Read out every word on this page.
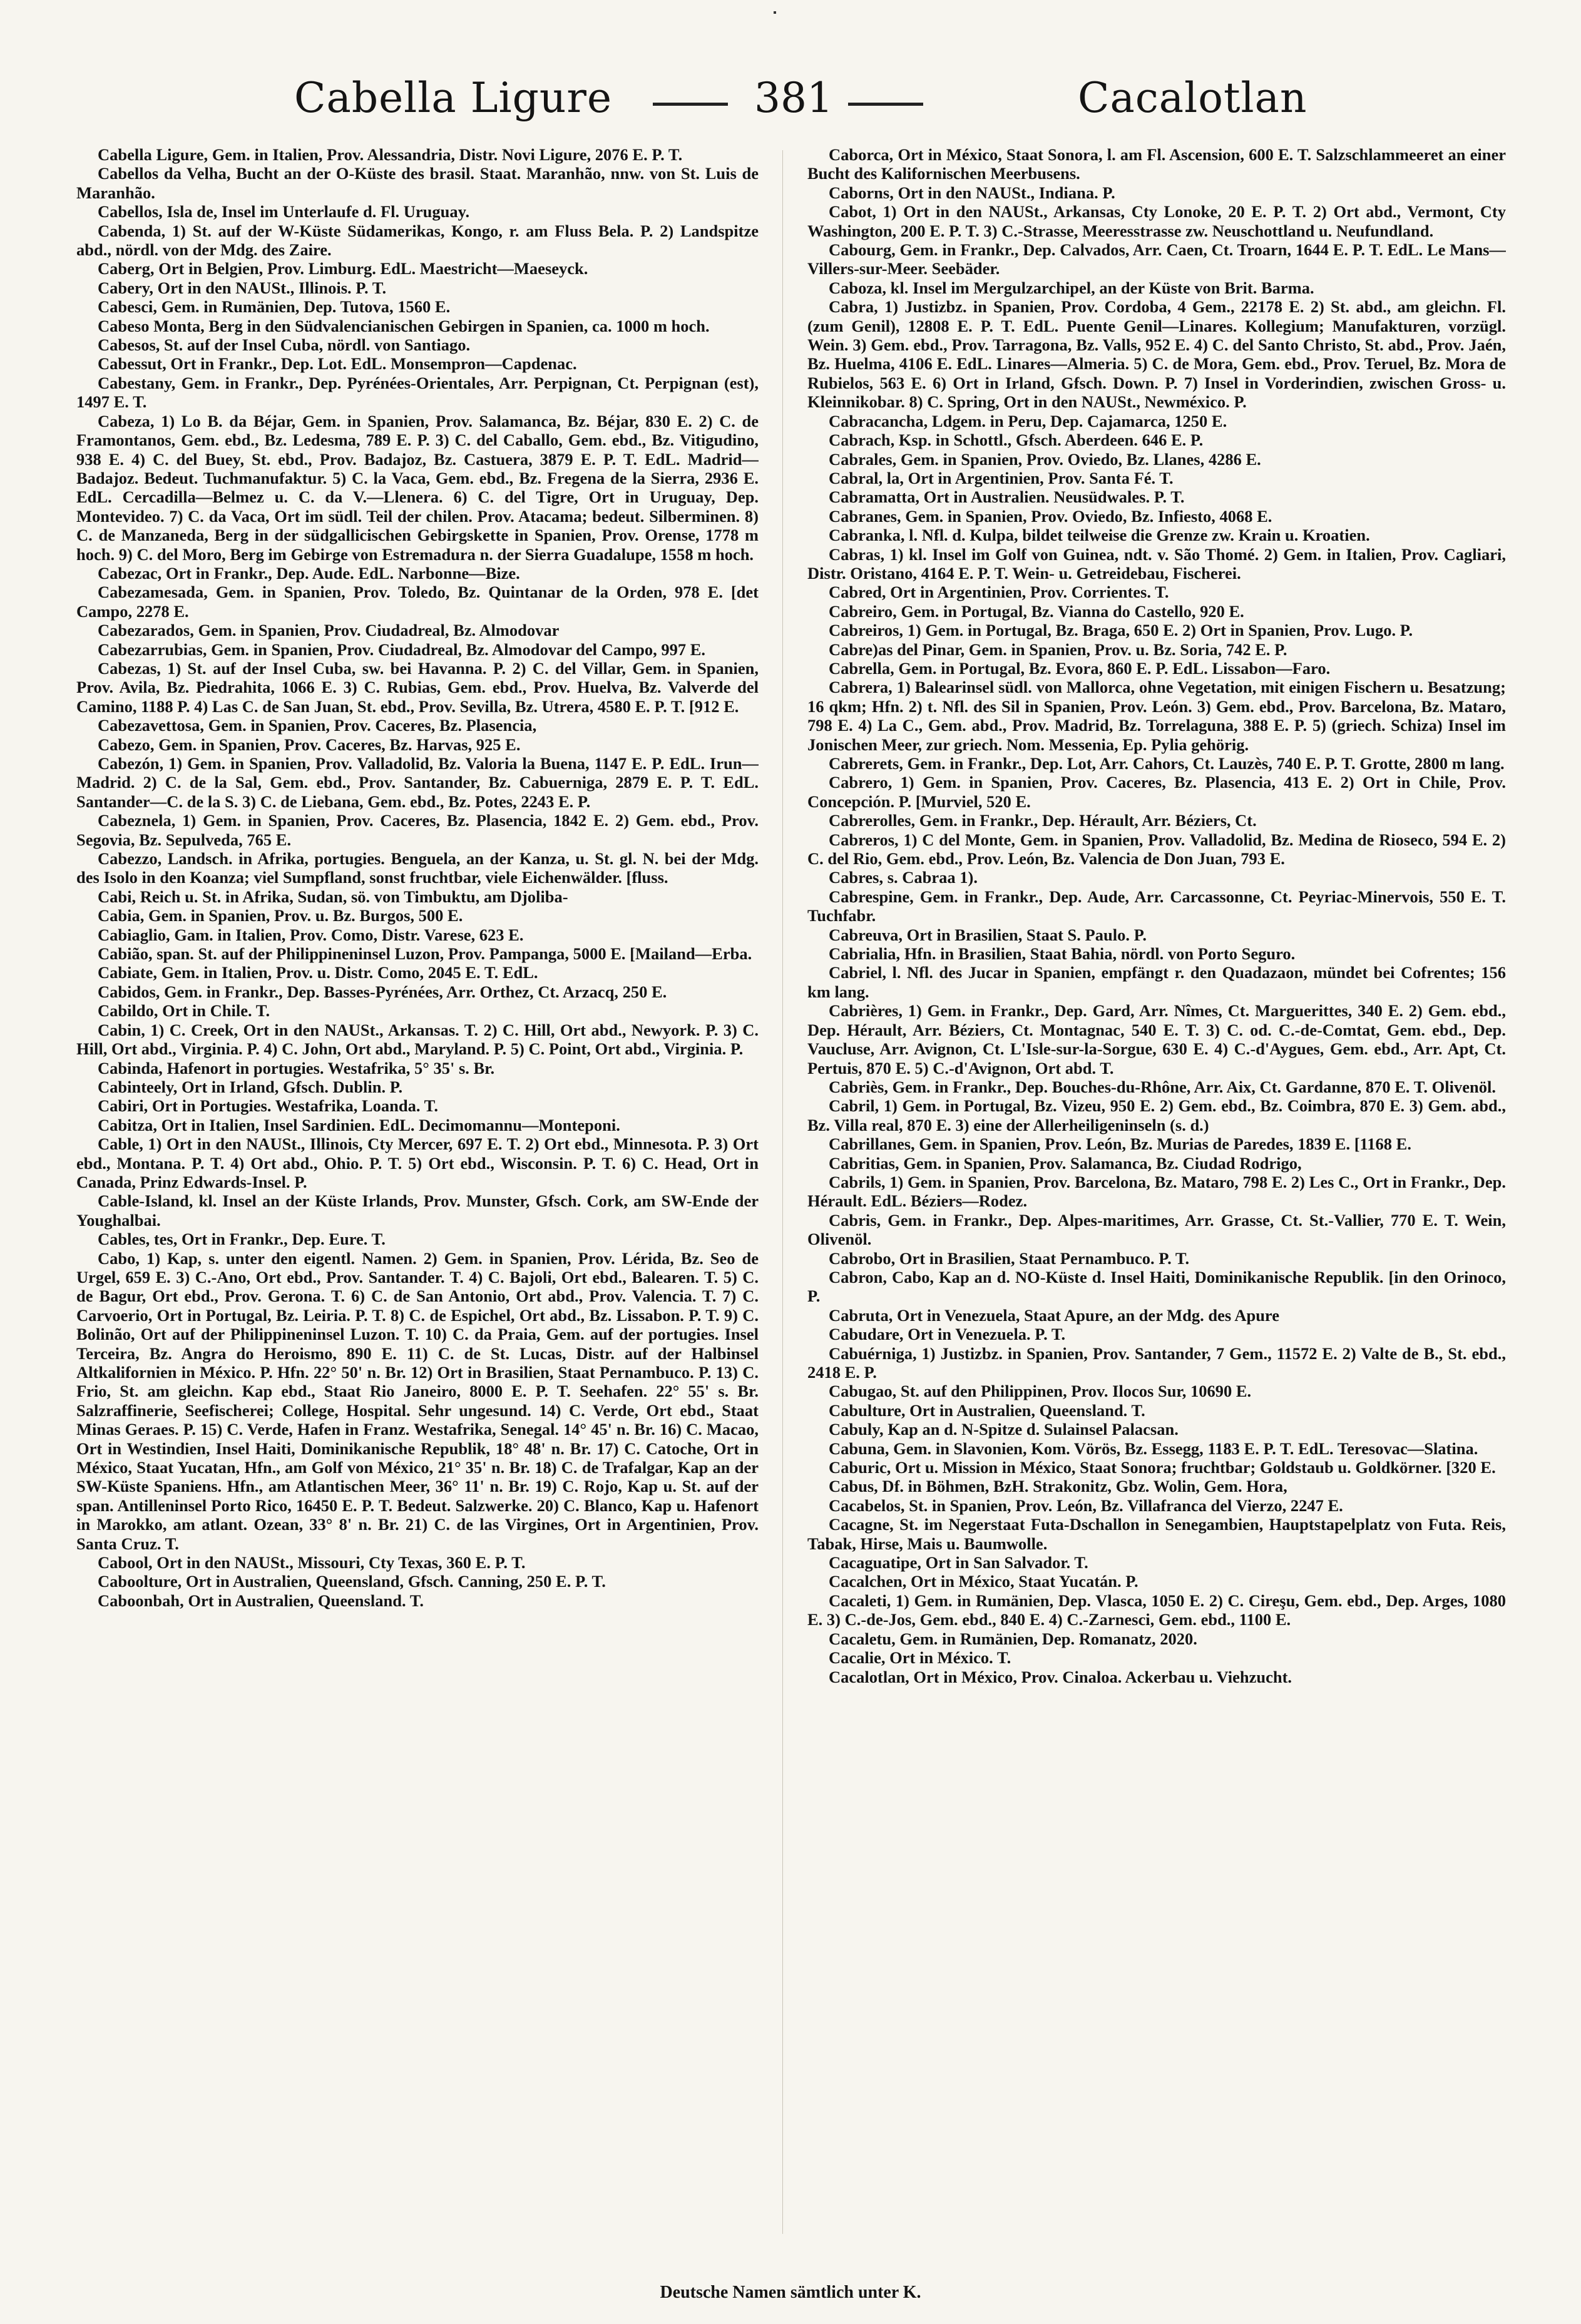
Cabella Ligure	381	Cacalotlan

Cabella Ligure, Gem. in Italien, Prov. Alessandria, Distr. Novi Ligure, 2076 E. P. T.

Cabellos da Velha, Bucht an der O-Küste des brasil. Staat. Maranhão, nnw. von St. Luis de Maranhão.

Cabellos, Isla de, Insel im Unterlaufe d. Fl. Uruguay.

Cabenda, 1) St. auf der W-Küste Südamerikas, Kongo, r. am Fluss Bela. P. 2) Landspitze abd., nördl. von der Mdg. des Zaire.

Caberg, Ort in Belgien, Prov. Limburg. EdL. Maestricht—Maeseyck.

Cabery, Ort in den NAUSt., Illinois. P. T.

Cabesci, Gem. in Rumänien, Dep. Tutova, 1560 E.

Cabeso Monta, Berg in den Südvalencianischen Gebirgen in Spanien, ca. 1000 m hoch.

Cabesos, St. auf der Insel Cuba, nördl. von Santiago.

Cabessut, Ort in Frankr., Dep. Lot. EdL. Monsempron—Capdenac.

Cabestany, Gem. in Frankr., Dep. Pyrénées-Orientales, Arr. Perpignan, Ct. Perpignan (est), 1497 E. T.

Cabeza, 1) Lo B. da Béjar, Gem. in Spanien, Prov. Salamanca, Bz. Béjar, 830 E. 2) C. de Framontanos, Gem. ebd., Bz. Ledesma, 789 E. P. 3) C. del Caballo, Gem. ebd., Bz. Vitigudino, 938 E. 4) C. del Buey, St. ebd., Prov. Badajoz, Bz. Castuera, 3879 E. P. T. EdL. Madrid—Badajoz. Bedeut. Tuchmanufaktur. 5) C. la Vaca, Gem. ebd., Bz. Fregena de la Sierra, 2936 E. EdL. Cercadilla—Belmez u. C. da V.—Llenera. 6) C. del Tigre, Ort in Uruguay, Dep. Montevideo. 7) C. da Vaca, Ort im südl. Teil der chilen. Prov. Atacama; bedeut. Silberminen. 8) C. de Manzaneda, Berg in der südgallicischen Gebirgskette in Spanien, Prov. Orense, 1778 m hoch. 9) C. del Moro, Berg im Gebirge von Estremadura n. der Sierra Guadalupe, 1558 m hoch.

Cabezac, Ort in Frankr., Dep. Aude. EdL. Narbonne—Bize.

Cabezamesada, Gem. in Spanien, Prov. Toledo, Bz. Quintanar de la Orden, 978 E. [det Campo, 2278 E.

Cabezarados, Gem. in Spanien, Prov. Ciudadreal, Bz. Almodovar

Cabezarrubias, Gem. in Spanien, Prov. Ciudadreal, Bz. Almodovar del Campo, 997 E.

Cabezas, 1) St. auf der Insel Cuba, sw. bei Havanna. P. 2) C. del Villar, Gem. in Spanien, Prov. Avila, Bz. Piedrahita, 1066 E. 3) C. Rubias, Gem. ebd., Prov. Huelva, Bz. Valverde del Camino, 1188 P. 4) Las C. de San Juan, St. ebd., Prov. Sevilla, Bz. Utrera, 4580 E. P. T. [912 E.

Cabezavettosa, Gem. in Spanien, Prov. Caceres, Bz. Plasencia,

Cabezo, Gem. in Spanien, Prov. Caceres, Bz. Harvas, 925 E.

Cabezón, 1) Gem. in Spanien, Prov. Valladolid, Bz. Valoria la Buena, 1147 E. P. EdL. Irun—Madrid. 2) C. de la Sal, Gem. ebd., Prov. Santander, Bz. Cabuerniga, 2879 E. P. T. EdL. Santander—C. de la S. 3) C. de Liebana, Gem. ebd., Bz. Potes, 2243 E. P.

Cabeznela, 1) Gem. in Spanien, Prov. Caceres, Bz. Plasencia, 1842 E. 2) Gem. ebd., Prov. Segovia, Bz. Sepulveda, 765 E.

Cabezzo, Landsch. in Afrika, portugies. Benguela, an der Kanza, u. St. gl. N. bei der Mdg. des Isolo in den Koanza; viel Sumpfland, sonst fruchtbar, viele Eichenwälder. [fluss.

Cabi, Reich u. St. in Afrika, Sudan, sö. von Timbuktu, am Djoliba-

Cabia, Gem. in Spanien, Prov. u. Bz. Burgos, 500 E.

Cabiaglio, Gam. in Italien, Prov. Como, Distr. Varese, 623 E.

Cabião, span. St. auf der Philippineninsel Luzon, Prov. Pampanga, 5000 E. [Mailand—Erba.

Cabiate, Gem. in Italien, Prov. u. Distr. Como, 2045 E. T. EdL.

Cabidos, Gem. in Frankr., Dep. Basses-Pyrénées, Arr. Orthez, Ct. Arzacq, 250 E.

Cabildo, Ort in Chile. T.

Cabin, 1) C. Creek, Ort in den NAUSt., Arkansas. T. 2) C. Hill, Ort abd., Newyork. P. 3) C. Hill, Ort abd., Virginia. P. 4) C. John, Ort abd., Maryland. P. 5) C. Point, Ort abd., Virginia. P.

Cabinda, Hafenort in portugies. Westafrika, 5° 35' s. Br.

Cabinteely, Ort in Irland, Gfsch. Dublin. P.

Cabiri, Ort in Portugies. Westafrika, Loanda. T.

Cabitza, Ort in Italien, Insel Sardinien. EdL. Decimomannu—Monteponi.

Cable, 1) Ort in den NAUSt., Illinois, Cty Mercer, 697 E. T. 2) Ort ebd., Minnesota. P. 3) Ort ebd., Montana. P. T. 4) Ort abd., Ohio. P. T. 5) Ort ebd., Wisconsin. P. T. 6) C. Head, Ort in Canada, Prinz Edwards-Insel. P.

Cable-Island, kl. Insel an der Küste Irlands, Prov. Munster, Gfsch. Cork, am SW-Ende der Youghalbai.

Cables, tes, Ort in Frankr., Dep. Eure. T.

Cabo, 1) Kap, s. unter den eigentl. Namen. 2) Gem. in Spanien, Prov. Lérida, Bz. Seo de Urgel, 659 E. 3) C.-Ano, Ort ebd., Prov. Santander. T. 4) C. Bajoli, Ort ebd., Balearen. T. 5) C. de Bagur, Ort ebd., Prov. Gerona. T. 6) C. de San Antonio, Ort abd., Prov. Valencia. T. 7) C. Carvoerio, Ort in Portugal, Bz. Leiria. P. T. 8) C. de Espichel, Ort abd., Bz. Lissabon. P. T. 9) C. Bolinão, Ort auf der Philippineninsel Luzon. T. 10) C. da Praia, Gem. auf der portugies. Insel Terceira, Bz. Angra do Heroismo, 890 E. 11) C. de St. Lucas, Distr. auf der Halbinsel Altkalifornien in México. P. Hfn. 22° 50' n. Br. 12) Ort in Brasilien, Staat Pernambuco. P. 13) C. Frio, St. am gleichn. Kap ebd., Staat Rio Janeiro, 8000 E. P. T. Seehafen. 22° 55' s. Br. Salzraffinerie, Seefischerei; College, Hospital. Sehr ungesund. 14) C. Verde, Ort ebd., Staat Minas Geraes. P. 15) C. Verde, Hafen in Franz. Westafrika, Senegal. 14° 45' n. Br. 16) C. Macao, Ort in Westindien, Insel Haiti, Dominikanische Republik, 18° 48' n. Br. 17) C. Catoche, Ort in México, Staat Yucatan, Hfn., am Golf von México, 21° 35' n. Br. 18) C. de Trafalgar, Kap an der SW-Küste Spaniens. Hfn., am Atlantischen Meer, 36° 11' n. Br. 19) C. Rojo, Kap u. St. auf der span. Antilleninsel Porto Rico, 16450 E. P. T. Bedeut. Salzwerke. 20) C. Blanco, Kap u. Hafenort in Marokko, am atlant. Ozean, 33° 8' n. Br. 21) C. de las Virgines, Ort in Argentinien, Prov. Santa Cruz. T.

Cabool, Ort in den NAUSt., Missouri, Cty Texas, 360 E. P. T.

Caboolture, Ort in Australien, Queensland, Gfsch. Canning, 250 E. P. T.

Caboonbah, Ort in Australien, Queensland. T.

Caborca, Ort in México, Staat Sonora, l. am Fl. Ascension, 600 E. T. Salzschlammeeret an einer Bucht des Kalifornischen Meerbusens.

Caborns, Ort in den NAUSt., Indiana. P.

Cabot, 1) Ort in den NAUSt., Arkansas, Cty Lonoke, 20 E. P. T. 2) Ort abd., Vermont, Cty Washington, 200 E. P. T. 3) C.-Strasse, Meeresstrasse zw. Neuschottland u. Neufundland.

Cabourg, Gem. in Frankr., Dep. Calvados, Arr. Caen, Ct. Troarn, 1644 E. P. T. EdL. Le Mans—Villers-sur-Meer. Seebäder.

Caboza, kl. Insel im Mergulzarchipel, an der Küste von Brit. Barma.

Cabra, 1) Justizbz. in Spanien, Prov. Cordoba, 4 Gem., 22178 E. 2) St. abd., am gleichn. Fl. (zum Genil), 12808 E. P. T. EdL. Puente Genil—Linares. Kollegium; Manufakturen, vorzügl. Wein. 3) Gem. ebd., Prov. Tarragona, Bz. Valls, 952 E. 4) C. del Santo Christo, St. abd., Prov. Jaén, Bz. Huelma, 4106 E. EdL. Linares—Almeria. 5) C. de Mora, Gem. ebd., Prov. Teruel, Bz. Mora de Rubielos, 563 E. 6) Ort in Irland, Gfsch. Down. P. 7) Insel in Vorderindien, zwischen Gross- u. Kleinnikobar. 8) C. Spring, Ort in den NAUSt., Newméxico. P.

Cabracancha, Ldgem. in Peru, Dep. Cajamarca, 1250 E.

Cabrach, Ksp. in Schottl., Gfsch. Aberdeen. 646 E. P.

Cabrales, Gem. in Spanien, Prov. Oviedo, Bz. Llanes, 4286 E.

Cabral, la, Ort in Argentinien, Prov. Santa Fé. T.

Cabramatta, Ort in Australien. Neusüdwales. P. T.

Cabranes, Gem. in Spanien, Prov. Oviedo, Bz. Infiesto, 4068 E.

Cabranka, l. Nfl. d. Kulpa, bildet teilweise die Grenze zw. Krain u. Kroatien.

Cabras, 1) kl. Insel im Golf von Guinea, ndt. v. São Thomé. 2) Gem. in Italien, Prov. Cagliari, Distr. Oristano, 4164 E. P. T. Wein- u. Getreidebau, Fischerei.

Cabred, Ort in Argentinien, Prov. Corrientes. T.

Cabreiro, Gem. in Portugal, Bz. Vianna do Castello, 920 E.

Cabreiros, 1) Gem. in Portugal, Bz. Braga, 650 E. 2) Ort in Spanien, Prov. Lugo. P.

Cabre)as del Pinar, Gem. in Spanien, Prov. u. Bz. Soria, 742 E. P.

Cabrella, Gem. in Portugal, Bz. Evora, 860 E. P. EdL. Lissabon—Faro.

Cabrera, 1) Balearinsel südl. von Mallorca, ohne Vegetation, mit einigen Fischern u. Besatzung; 16 qkm; Hfn. 2) t. Nfl. des Sil in Spanien, Prov. León. 3) Gem. ebd., Prov. Barcelona, Bz. Mataro, 798 E. 4) La C., Gem. abd., Prov. Madrid, Bz. Torrelaguna, 388 E. P. 5) (griech. Schiza) Insel im Jonischen Meer, zur griech. Nom. Messenia, Ep. Pylia gehörig.

Cabrerets, Gem. in Frankr., Dep. Lot, Arr. Cahors, Ct. Lauzès, 740 E. P. T. Grotte, 2800 m lang.

Cabrero, 1) Gem. in Spanien, Prov. Caceres, Bz. Plasencia, 413 E. 2) Ort in Chile, Prov. Concepción. P. [Murviel, 520 E.

Cabrerolles, Gem. in Frankr., Dep. Hérault, Arr. Béziers, Ct.

Cabreros, 1) C del Monte, Gem. in Spanien, Prov. Valladolid, Bz. Medina de Rioseco, 594 E. 2) C. del Rio, Gem. ebd., Prov. León, Bz. Valencia de Don Juan, 793 E.

Cabres, s. Cabraa 1).

Cabrespine, Gem. in Frankr., Dep. Aude, Arr. Carcassonne, Ct. Peyriac-Minervois, 550 E. T. Tuchfabr.

Cabreuva, Ort in Brasilien, Staat S. Paulo. P.

Cabrialia, Hfn. in Brasilien, Staat Bahia, nördl. von Porto Seguro.

Cabriel, l. Nfl. des Jucar in Spanien, empfängt r. den Quadazaon, mündet bei Cofrentes; 156 km lang.

Cabrières, 1) Gem. in Frankr., Dep. Gard, Arr. Nîmes, Ct. Marguerittes, 340 E. 2) Gem. ebd., Dep. Hérault, Arr. Béziers, Ct. Montagnac, 540 E. T. 3) C. od. C.-de-Comtat, Gem. ebd., Dep. Vaucluse, Arr. Avignon, Ct. L'Isle-sur-la-Sorgue, 630 E. 4) C.-d'Aygues, Gem. ebd., Arr. Apt, Ct. Pertuis, 870 E. 5) C.-d'Avignon, Ort abd. T.

Cabriès, Gem. in Frankr., Dep. Bouches-du-Rhône, Arr. Aix, Ct. Gardanne, 870 E. T. Olivenöl.

Cabril, 1) Gem. in Portugal, Bz. Vizeu, 950 E. 2) Gem. ebd., Bz. Coimbra, 870 E. 3) Gem. abd., Bz. Villa real, 870 E. 3) eine der Allerheiligeninseln (s. d.)

Cabrillanes, Gem. in Spanien, Prov. León, Bz. Murias de Paredes, 1839 E. [1168 E.

Cabritias, Gem. in Spanien, Prov. Salamanca, Bz. Ciudad Rodrigo,

Cabrils, 1) Gem. in Spanien, Prov. Barcelona, Bz. Mataro, 798 E. 2) Les C., Ort in Frankr., Dep. Hérault. EdL. Béziers—Rodez.

Cabris, Gem. in Frankr., Dep. Alpes-maritimes, Arr. Grasse, Ct. St.-Vallier, 770 E. T. Wein, Olivenöl.

Cabrobo, Ort in Brasilien, Staat Pernambuco. P. T.

Cabron, Cabo, Kap an d. NO-Küste d. Insel Haiti, Dominikanische Republik. [in den Orinoco, P.

Cabruta, Ort in Venezuela, Staat Apure, an der Mdg. des Apure

Cabudare, Ort in Venezuela. P. T.

Cabuérniga, 1) Justizbz. in Spanien, Prov. Santander, 7 Gem., 11572 E. 2) Valte de B., St. ebd., 2418 E. P.

Cabugao, St. auf den Philippinen, Prov. Ilocos Sur, 10690 E.

Cabulture, Ort in Australien, Queensland. T.

Cabuly, Kap an d. N-Spitze d. Sulainsel Palacsan.

Cabuna, Gem. in Slavonien, Kom. Vörös, Bz. Essegg, 1183 E. P. T. EdL. Teresovac—Slatina.

Caburic, Ort u. Mission in México, Staat Sonora; fruchtbar; Goldstaub u. Goldkörner. [320 E.

Cabus, Df. in Böhmen, BzH. Strakonitz, Gbz. Wolin, Gem. Hora,

Cacabelos, St. in Spanien, Prov. León, Bz. Villafranca del Vierzo, 2247 E.

Cacagne, St. im Negerstaat Futa-Dschallon in Senegambien, Hauptstapelplatz von Futa. Reis, Tabak, Hirse, Mais u. Baumwolle.

Cacaguatipe, Ort in San Salvador. T.

Cacalchen, Ort in México, Staat Yucatán. P.

Cacaleti, 1) Gem. in Rumänien, Dep. Vlasca, 1050 E. 2) C. Cireşu, Gem. ebd., Dep. Arges, 1080 E. 3) C.-de-Jos, Gem. ebd., 840 E. 4) C.-Zarnesci, Gem. ebd., 1100 E.

Cacaletu, Gem. in Rumänien, Dep. Romanatz, 2020.

Cacalie, Ort in México. T.

Cacalotlan, Ort in México, Prov. Cinaloa. Ackerbau u. Viehzucht.

Deutsche Namen sämtlich unter K.
